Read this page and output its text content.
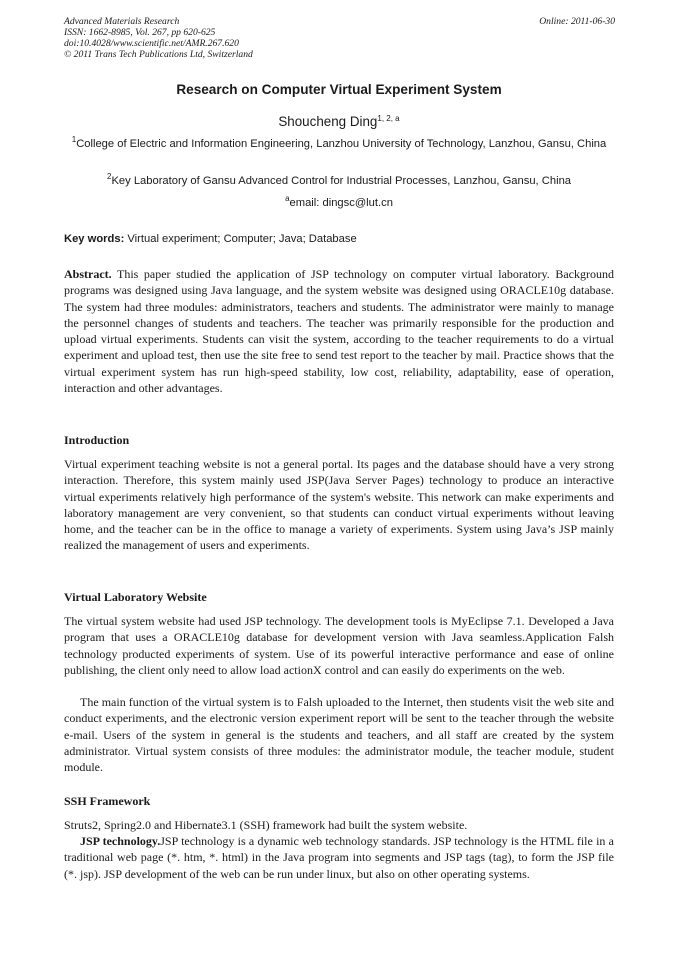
Advanced Materials Research
ISSN: 1662-8985, Vol. 267, pp 620-625
doi:10.4028/www.scientific.net/AMR.267.620
© 2011 Trans Tech Publications Ltd, Switzerland
Online: 2011-06-30
Research on Computer Virtual Experiment System
Shoucheng Ding$^{1, 2, a}$
$^1$College of Electric and Information Engineering, Lanzhou University of Technology, Lanzhou, Gansu, China
$^2$Key Laboratory of Gansu Advanced Control for Industrial Processes, Lanzhou, Gansu, China
$^a$email: dingsc@lut.cn
Key words: Virtual experiment; Computer; Java; Database

Abstract. This paper studied the application of JSP technology on computer virtual laboratory. Background programs was designed using Java language, and the system website was designed using ORACLE10g database. The system had three modules: administrators, teachers and students. The administrator were mainly to manage the personnel changes of students and teachers. The teacher was primarily responsible for the production and upload virtual experiments. Students can visit the system, according to the teacher requirements to do a virtual experiment and upload test, then use the site free to send test report to the teacher by mail. Practice shows that the virtual experiment system has run high-speed stability, low cost, reliability, adaptability, ease of operation, interaction and other advantages.

Introduction

Virtual experiment teaching website is not a general portal. Its pages and the database should have a very strong interaction. Therefore, this system mainly used JSP(Java Server Pages) technology to produce an interactive virtual experiments relatively high performance of the system's website. This network can make experiments and laboratory management are very convenient, so that students can conduct virtual experiments without leaving home, and the teacher can be in the office to manage a variety of experiments. System using Java’s JSP mainly realized the management of users and experiments.

Virtual Laboratory Website

The virtual system website had used JSP technology. The development tools is MyEclipse 7.1. Developed a Java program that uses a ORACLE10g database for development version with Java seamless.Application Falsh technology producted experiments of system. Use of its powerful interactive performance and ease of online publishing, the client only need to allow load actionX control and can easily do experiments on the web.

The main function of the virtual system is to Falsh uploaded to the Internet, then students visit the web site and conduct experiments, and the electronic version experiment report will be sent to the teacher through the website e-mail. Users of the system in general is the students and teachers, and all staff are created by the system administrator. Virtual system consists of three modules: the administrator module, the teacher module, student module.

SSH Framework

Struts2, Spring2.0 and Hibernate3.1 (SSH) framework had built the system website.

JSP technology.JSP technology is a dynamic web technology standards. JSP technology is the HTML file in a traditional web page (*. htm, *. html) in the Java program into segments and JSP tags (tag), to form the JSP file (*. jsp). JSP development of the web can be run under linux, but also on other operating systems.
